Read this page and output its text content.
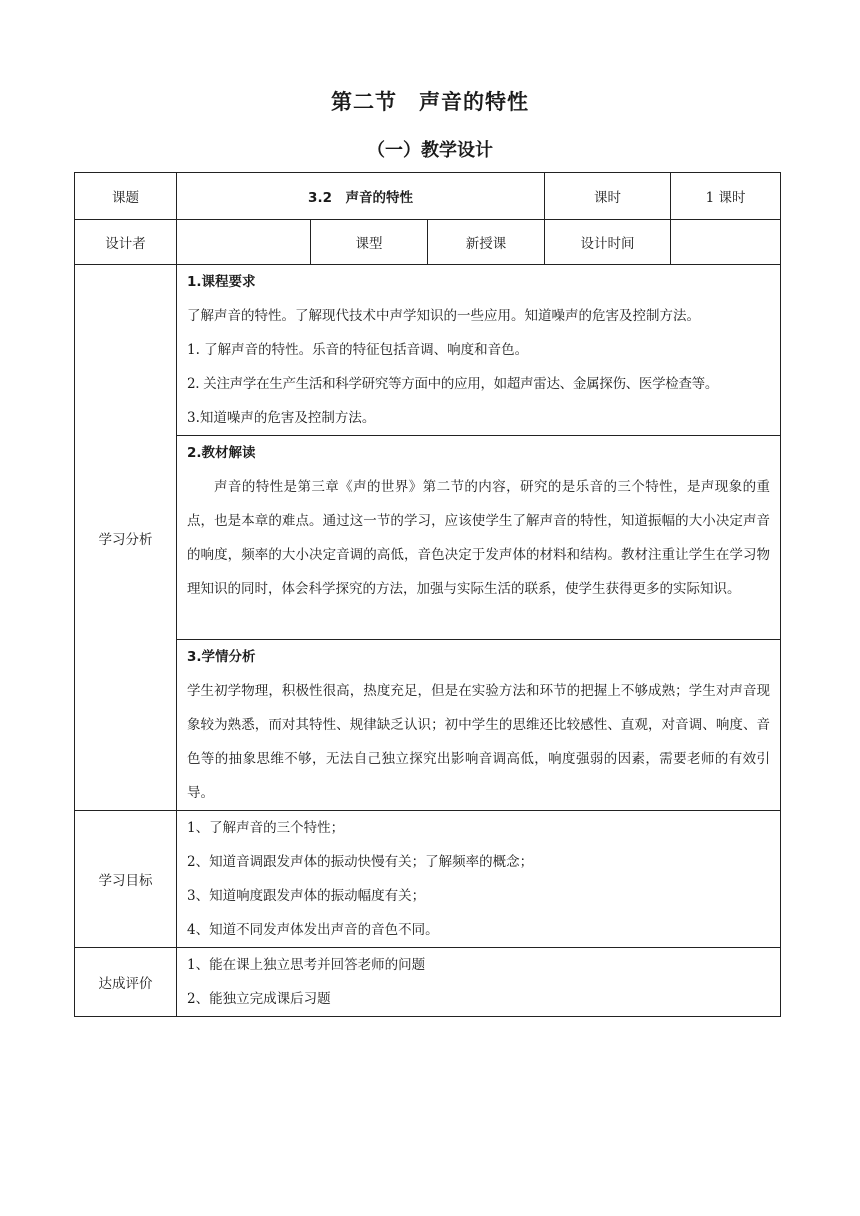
第二节　声音的特性
（一）教学设计
课题	3.2　声音的特性			课时	1 课时
设计者		课型	新授课	设计时间	
学习分析	1.课程要求
了解声音的特性。了解现代技术中声学知识的一些应用。知道噪声的危害及控制方法。
1. 了解声音的特性。乐音的特征包括音调、响度和音色。
2. 关注声学在生产生活和科学研究等方面中的应用，如超声雷达、金属探伤、医学检查等。
3.知道噪声的危害及控制方法。				

	2.教材解读
声音的特性是第三章《声的世界》第二节的内容，研究的是乐音的三个特性，是声现象的重点，也是本章的难点。通过这一节的学习，应该使学生了解声音的特性，知道振幅的大小决定声音的响度，频率的大小决定音调的高低，音色决定于发声体的材料和结构。教材注重让学生在学习物理知识的同时，体会科学探究的方法，加强与实际生活的联系，使学生获得更多的实际知识。				

	3.学情分析
学生初学物理，积极性很高，热度充足，但是在实验方法和环节的把握上不够成熟；学生对声音现象较为熟悉，而对其特性、规律缺乏认识；初中学生的思维还比较感性、直观，对音调、响度、音色等的抽象思维不够，无法自己独立探究出影响音调高低，响度强弱的因素，需要老师的有效引导。				

学习目标	1、了解声音的三个特性；
2、知道音调跟发声体的振动快慢有关；了解频率的概念；
3、知道响度跟发声体的振动幅度有关；
4、知道不同发声体发出声音的音色不同。				

达成评价	1、能在课上独立思考并回答老师的问题
2、能独立完成课后习题				
